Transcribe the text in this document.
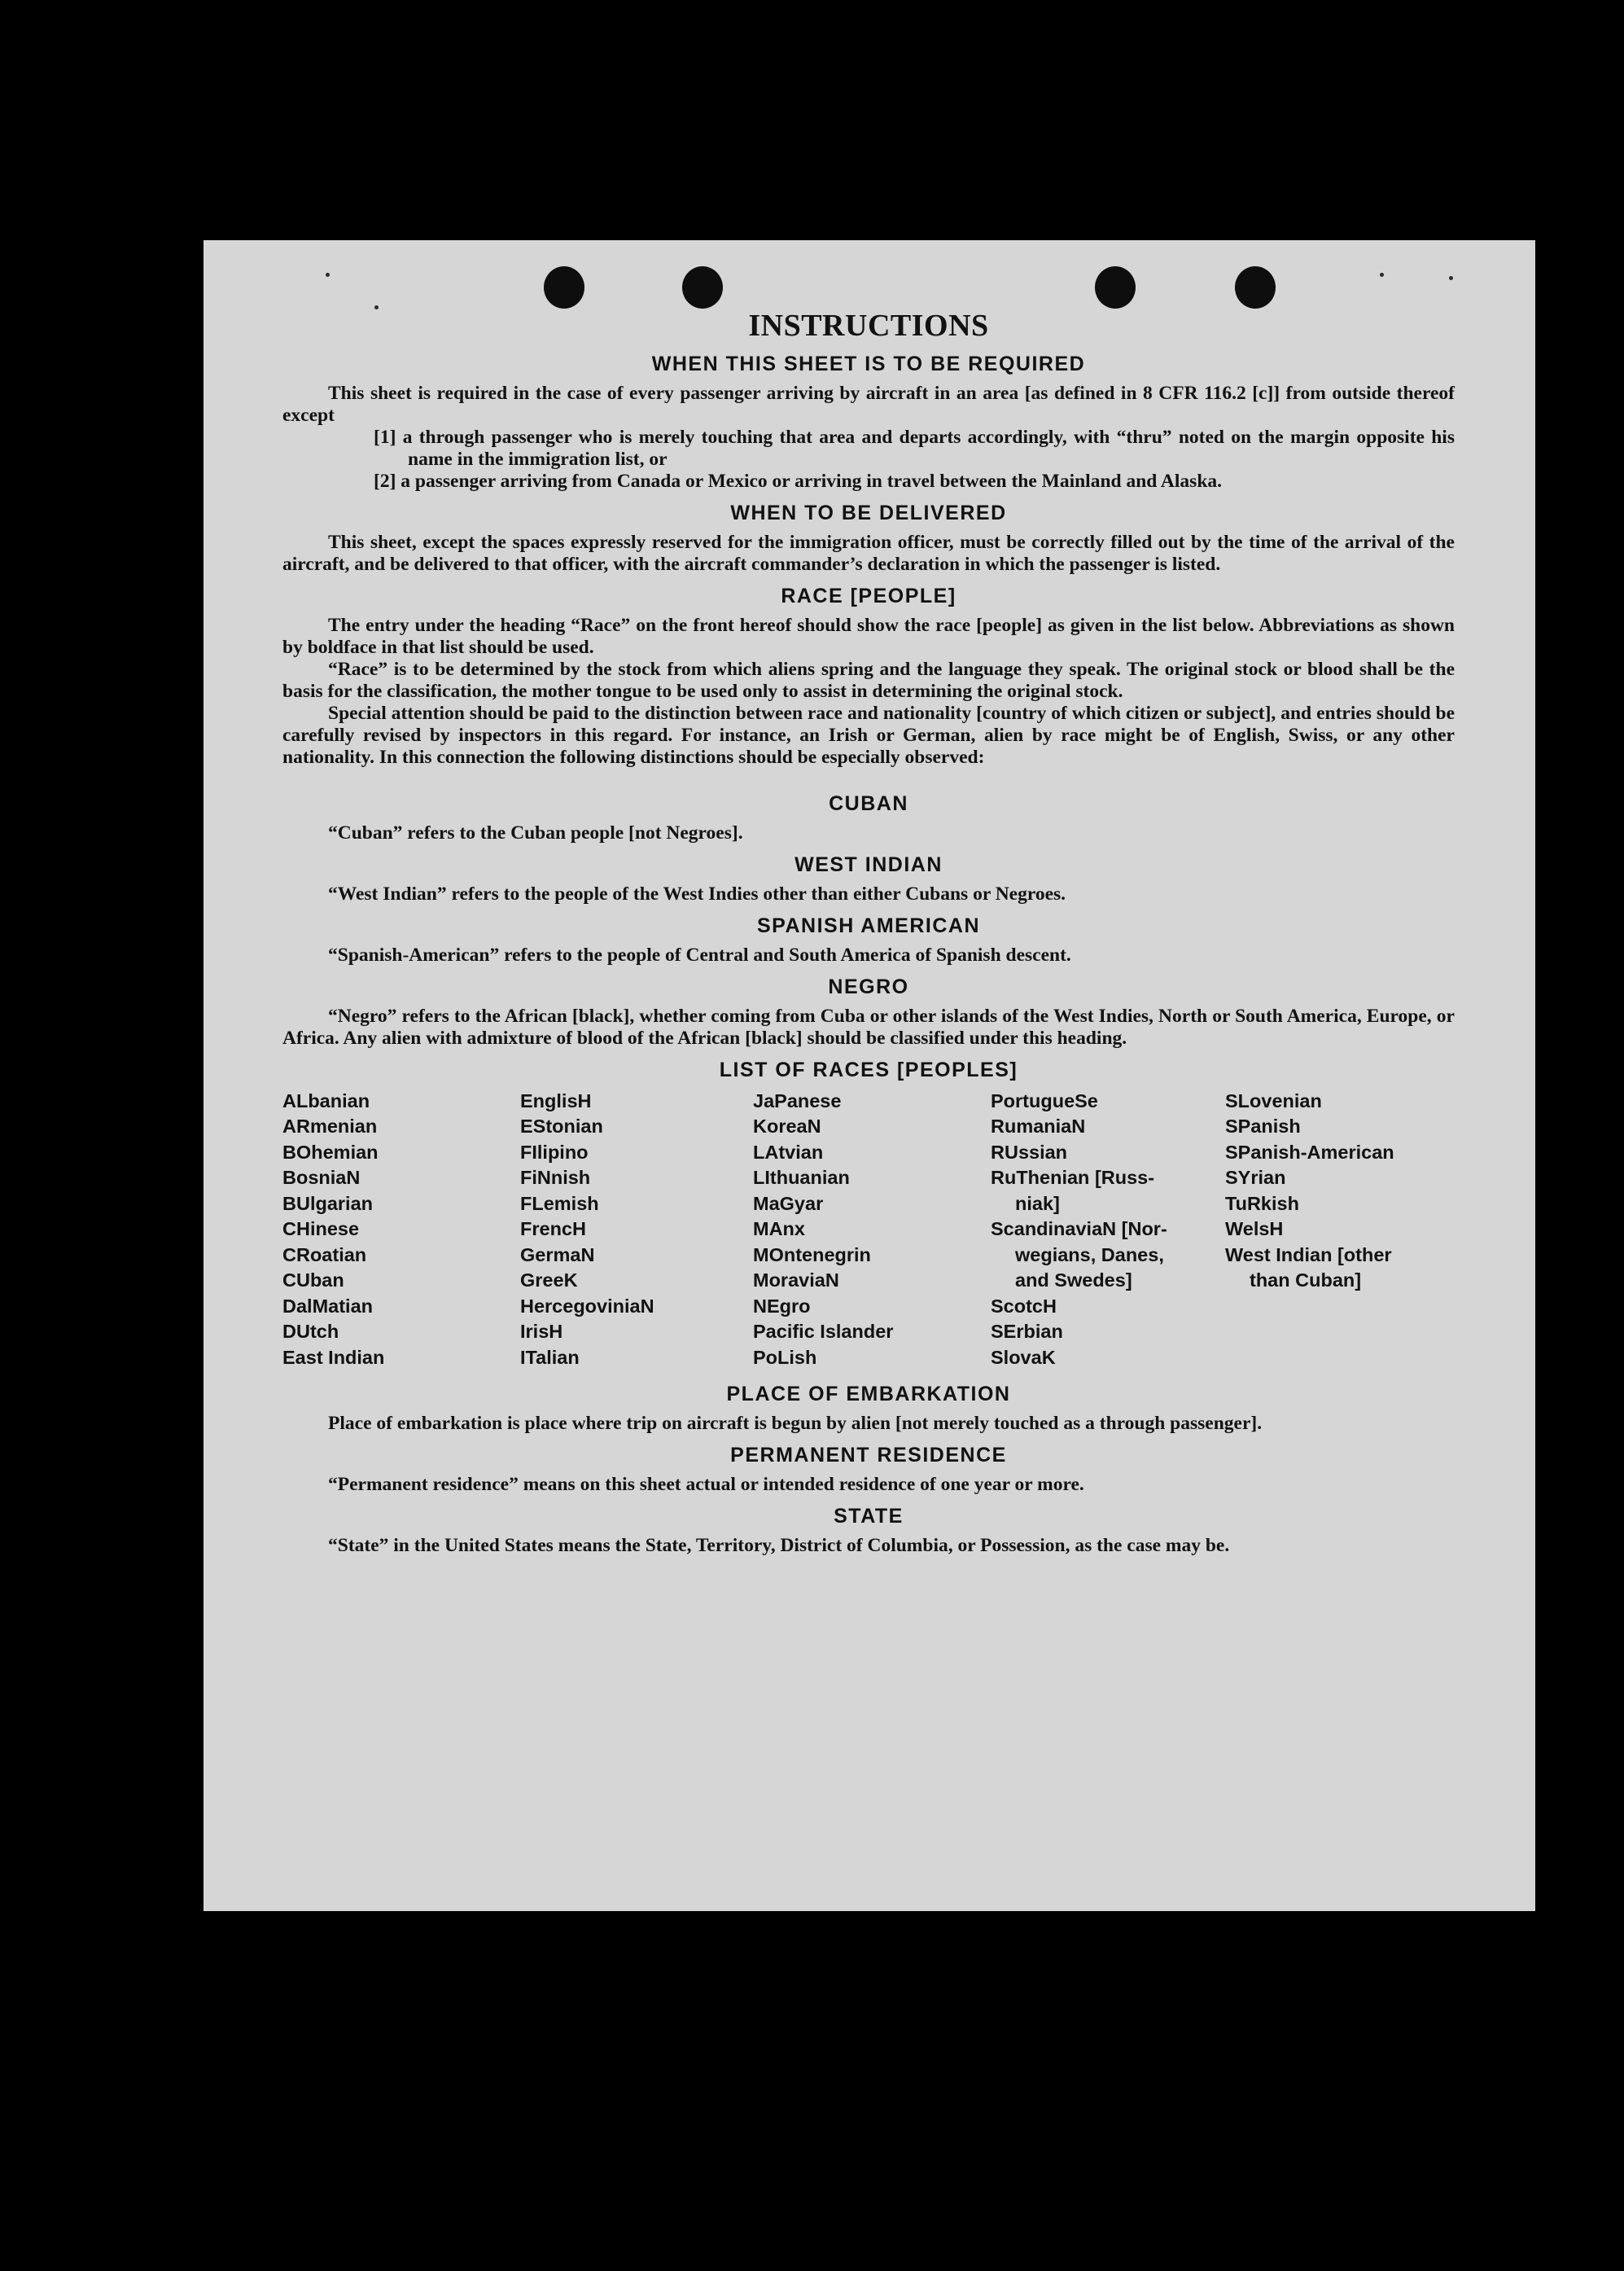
INSTRUCTIONS
WHEN THIS SHEET IS TO BE REQUIRED

This sheet is required in the case of every passenger arriving by aircraft in an area [as defined in 8 CFR 116.2 [c]] from outside thereof except

[1] a through passenger who is merely touching that area and departs accordingly, with “thru” noted on the margin opposite his name in the immigration list, or

[2] a passenger arriving from Canada or Mexico or arriving in travel between the Mainland and Alaska.

WHEN TO BE DELIVERED

This sheet, except the spaces expressly reserved for the immigration officer, must be correctly filled out by the time of the arrival of the aircraft, and be delivered to that officer, with the aircraft commander’s declaration in which the passenger is listed.

RACE [PEOPLE]

The entry under the heading “Race” on the front hereof should show the race [people] as given in the list below. Abbreviations as shown by boldface in that list should be used.

“Race” is to be determined by the stock from which aliens spring and the language they speak. The original stock or blood shall be the basis for the classification, the mother tongue to be used only to assist in determining the original stock.

Special attention should be paid to the distinction between race and nationality [country of which citizen or subject], and entries should be carefully revised by inspectors in this regard. For instance, an Irish or German, alien by race might be of English, Swiss, or any other nationality. In this connection the following distinctions should be especially observed:

CUBAN

“Cuban” refers to the Cuban people [not Negroes].

WEST INDIAN

“West Indian” refers to the people of the West Indies other than either Cubans or Negroes.

SPANISH AMERICAN

“Spanish-American” refers to the people of Central and South America of Spanish descent.

NEGRO

“Negro” refers to the African [black], whether coming from Cuba or other islands of the West Indies, North or South America, Europe, or Africa. Any alien with admixture of blood of the African [black] should be classified under this heading.

LIST OF RACES [PEOPLES]
ALbanian
ARmenian
BOhemian
BosniaN
BUlgarian
CHinese
CRoatian
CUban
DalMatian
DUtch
East Indian
EnglisH
EStonian
FIlipino
FiNnish
FLemish
FrencH
GermaN
GreeK
HercegoviniaN
IrisH
ITalian
JaPanese
KoreaN
LAtvian
LIthuanian
MaGyar
MAnx
MOntenegrin
MoraviaN
NEgro
Pacific Islander
PoLish
PortugueSe
RumaniaN
RUssian
RuThenian [Russ-
niak]
ScandinaviaN [Nor-
wegians, Danes,
and Swedes]
ScotcH
SErbian
SlovaK
SLovenian
SPanish
SPanish-American
SYrian
TuRkish
WelsH
West Indian [other
than Cuban]
PLACE OF EMBARKATION

Place of embarkation is place where trip on aircraft is begun by alien [not merely touched as a through passenger].

PERMANENT RESIDENCE

“Permanent residence” means on this sheet actual or intended residence of one year or more.

STATE

“State” in the United States means the State, Territory, District of Columbia, or Possession, as the case may be.
